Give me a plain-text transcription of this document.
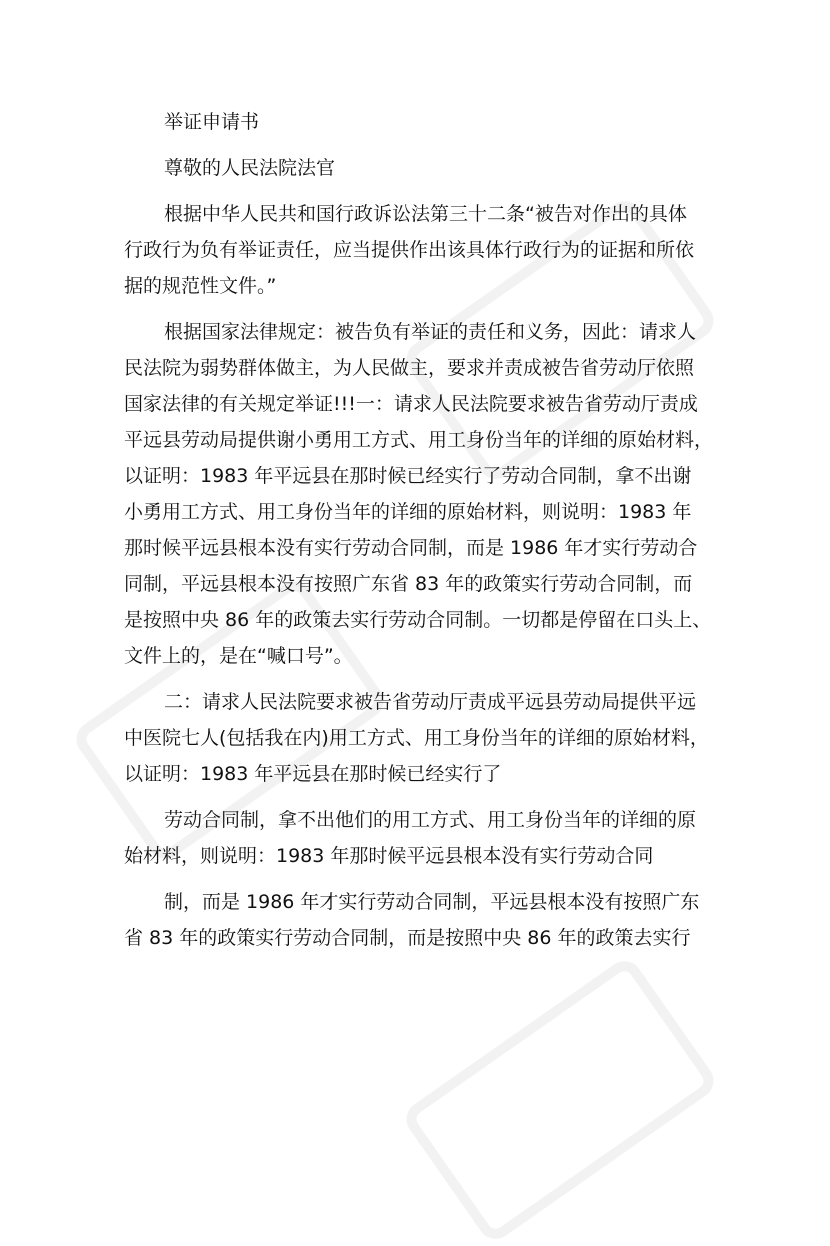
举证申请书
尊敬的人民法院法官
根据中华人民共和国行政诉讼法第三十二条“被告对作出的具体
行政行为负有举证责任，应当提供作出该具体行政行为的证据和所依
据的规范性文件。”
根据国家法律规定：被告负有举证的责任和义务，因此：请求人
民法院为弱势群体做主，为人民做主，要求并责成被告省劳动厅依照
国家法律的有关规定举证!!!一：请求人民法院要求被告省劳动厅责成
平远县劳动局提供谢小勇用工方式、用工身份当年的详细的原始材料，
以证明：1983 年平远县在那时候已经实行了劳动合同制，拿不出谢
小勇用工方式、用工身份当年的详细的原始材料，则说明：1983 年
那时候平远县根本没有实行劳动合同制，而是 1986 年才实行劳动合
同制，平远县根本没有按照广东省 83 年的政策实行劳动合同制，而
是按照中央 86 年的政策去实行劳动合同制。一切都是停留在口头上、
文件上的，是在“喊口号”。
二：请求人民法院要求被告省劳动厅责成平远县劳动局提供平远
中医院七人(包括我在内)用工方式、用工身份当年的详细的原始材料，
以证明：1983 年平远县在那时候已经实行了
劳动合同制，拿不出他们的用工方式、用工身份当年的详细的原
始材料，则说明：1983 年那时候平远县根本没有实行劳动合同
制，而是 1986 年才实行劳动合同制，平远县根本没有按照广东
省 83 年的政策实行劳动合同制，而是按照中央 86 年的政策去实行
